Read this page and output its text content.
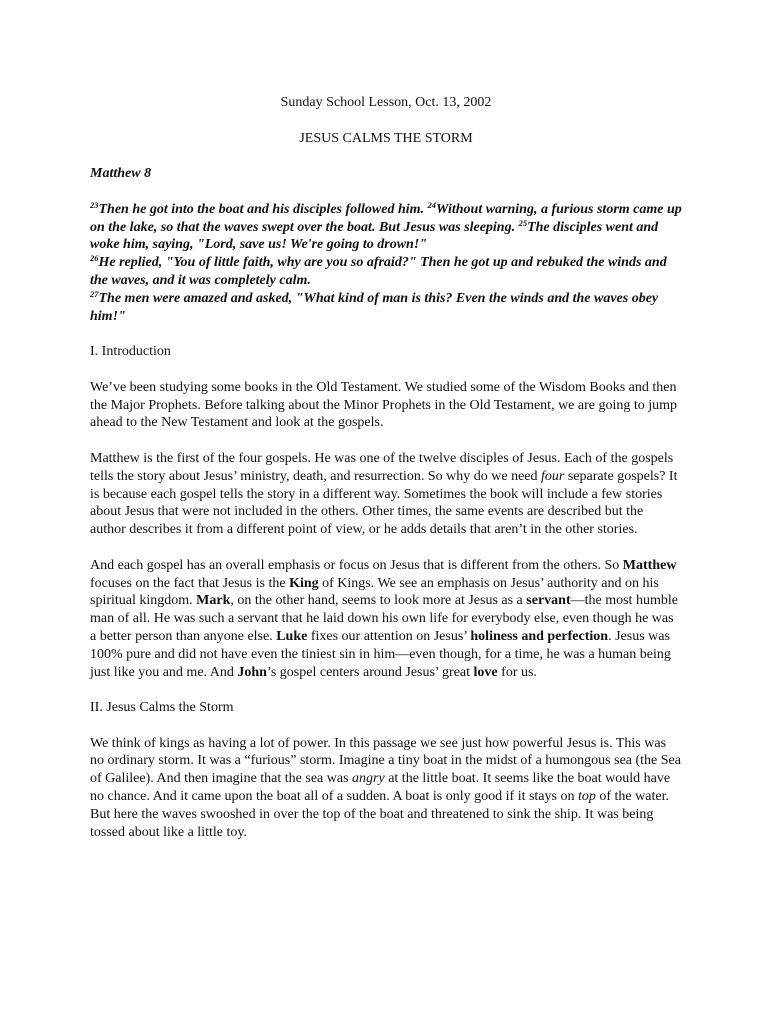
Sunday School Lesson, Oct. 13, 2002

JESUS CALMS THE STORM

Matthew 8

$^{23}$Then he got into the boat and his disciples followed him. $^{24}$Without warning, a furious storm came up on the lake, so that the waves swept over the boat. But Jesus was sleeping. $^{25}$The disciples went and woke him, saying, "Lord, save us! We're going to drown!"

$^{26}$He replied, "You of little faith, why are you so afraid?" Then he got up and rebuked the winds and the waves, and it was completely calm.

$^{27}$The men were amazed and asked, "What kind of man is this? Even the winds and the waves obey him!"

I. Introduction

We’ve been studying some books in the Old Testament. We studied some of the Wisdom Books and then the Major Prophets. Before talking about the Minor Prophets in the Old Testament, we are going to jump ahead to the New Testament and look at the gospels.

Matthew is the first of the four gospels. He was one of the twelve disciples of Jesus. Each of the gospels tells the story about Jesus’ ministry, death, and resurrection. So why do we need four separate gospels? It is because each gospel tells the story in a different way. Sometimes the book will include a few stories about Jesus that were not included in the others. Other times, the same events are described but the author describes it from a different point of view, or he adds details that aren’t in the other stories.

And each gospel has an overall emphasis or focus on Jesus that is different from the others. So Matthew focuses on the fact that Jesus is the King of Kings. We see an emphasis on Jesus’ authority and on his spiritual kingdom. Mark, on the other hand, seems to look more at Jesus as a servant—the most humble man of all. He was such a servant that he laid down his own life for everybody else, even though he was a better person than anyone else. Luke fixes our attention on Jesus’ holiness and perfection. Jesus was 100% pure and did not have even the tiniest sin in him—even though, for a time, he was a human being just like you and me. And John’s gospel centers around Jesus’ great love for us.

II. Jesus Calms the Storm

We think of kings as having a lot of power. In this passage we see just how powerful Jesus is. This was no ordinary storm. It was a “furious” storm. Imagine a tiny boat in the midst of a humongous sea (the Sea of Galilee). And then imagine that the sea was angry at the little boat. It seems like the boat would have no chance. And it came upon the boat all of a sudden. A boat is only good if it stays on top of the water. But here the waves swooshed in over the top of the boat and threatened to sink the ship. It was being tossed about like a little toy.
